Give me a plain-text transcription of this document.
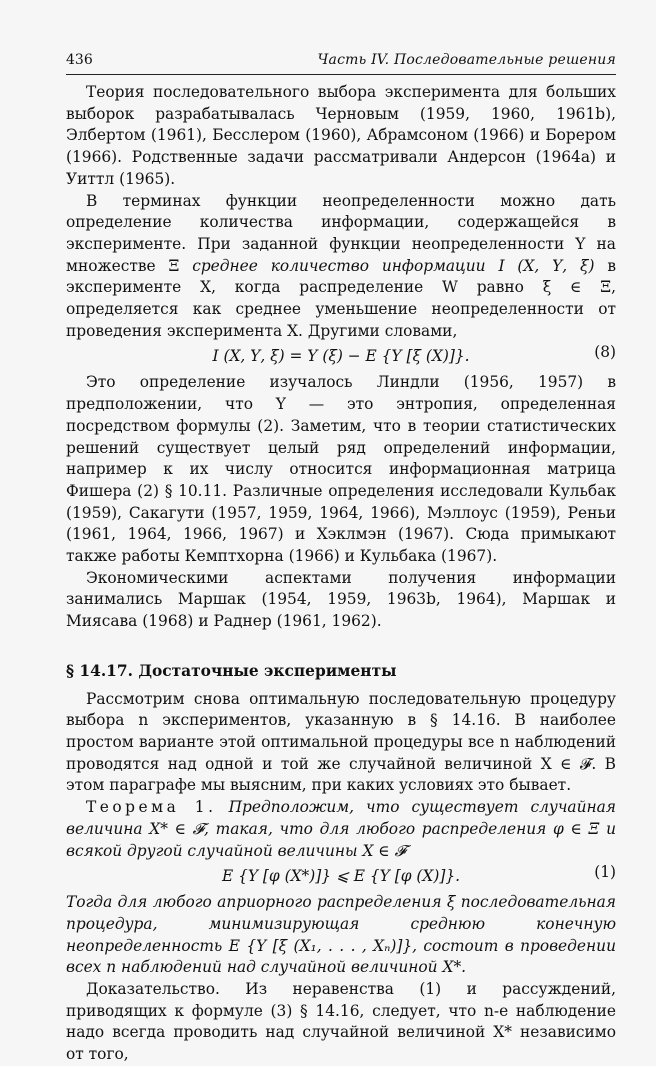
436	Часть IV. Последовательные решения

Теория последовательного выбора эксперимента для больших выборок разрабатывалась Черновым (1959, 1960, 1961b), Элбертом (1961), Бесслером (1960), Абрамсоном (1966) и Борером (1966). Родственные задачи рассматривали Андерсон (1964a) и Уиттл (1965).

В терминах функции неопределенности можно дать определение количества информации, содержащейся в эксперименте. При заданной функции неопределенности Υ на множестве Ξ среднее количество информации I (X, Υ, ξ) в эксперименте X, когда распределение W равно ξ ∈ Ξ, определяется как среднее уменьшение неопределенности от проведения эксперимента X. Другими словами,

I (X, Υ, ξ) = Υ (ξ) − E {Υ [ξ (X)]}.	(8)

Это определение изучалось Линдли (1956, 1957) в предположении, что Υ — это энтропия, определенная посредством формулы (2). Заметим, что в теории статистических решений существует целый ряд определений информации, например к их числу относится информационная матрица Фишера (2) § 10.11. Различные определения исследовали Кульбак (1959), Сакагути (1957, 1959, 1964, 1966), Мэллоус (1959), Реньи (1961, 1964, 1966, 1967) и Хэклмэн (1967). Сюда примыкают также работы Кемптхорна (1966) и Кульбака (1967).

Экономическими аспектами получения информации занимались Маршак (1954, 1959, 1963b, 1964), Маршак и Миясава (1968) и Раднер (1961, 1962).

§ 14.17. Достаточные эксперименты

Рассмотрим снова оптимальную последовательную процедуру выбора n экспериментов, указанную в § 14.16. В наиболее простом варианте этой оптимальной процедуры все n наблюдений проводятся над одной и той же случайной величиной X ∈ 𝓕. В этом параграфе мы выясним, при каких условиях это бывает.

Теорема 1. Предположим, что существует случайная величина X* ∈ 𝓕, такая, что для любого распределения φ ∈ Ξ и всякой другой случайной величины X ∈ 𝓕

E {Υ [φ (X*)]} ⩽ E {Υ [φ (X)]}.	(1)

Тогда для любого априорного распределения ξ последовательная процедура, минимизирующая среднюю конечную неопределенность E {Υ [ξ (X₁, . . . , Xₙ)]}, состоит в проведении всех n наблюдений над случайной величиной X*.

Доказательство. Из неравенства (1) и рассуждений, приводящих к формуле (3) § 14.16, следует, что n-е наблюдение надо всегда проводить над случайной величиной X* независимо от того,
